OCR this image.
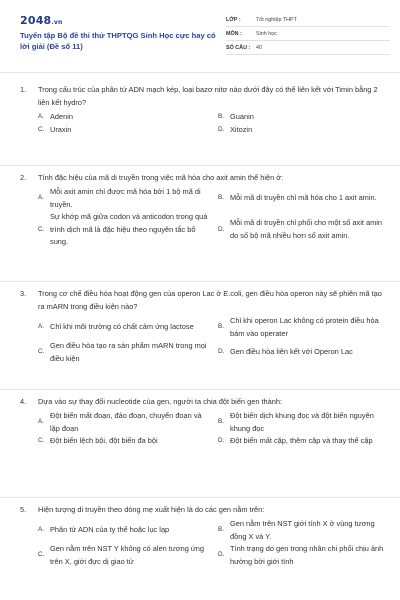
2048.vn
Tuyển tập Bộ đề thi thử THPTQG Sinh Học cực hay có lời giải (Đề số 11)
LỚP :	Tốt nghiệp THPT
MÔN :	Sinh học
SỐ CÂU :	40
1.	Trong cấu trúc của phân tử ADN mạch kép, loại bazơ nitơ nào dưới đây có thể liên kết với Timin bằng 2 liên kết hydro?
A. Adenin	B. Guanin
C. Uraxin	D. Xitozin
2.	Tính đặc hiệu của mã di truyền trong việc mã hóa cho axit amin thể hiện ở:
A.
Mỗi axit amin chỉ được mã hóa bởi 1 bộ mã di truyền.
B. Mỗi mã di truyền chỉ mã hóa cho 1 axit amin.
C.
Sự khớp mã giữa codon và anticodon trong quá trình dịch mã là đặc hiệu theo nguyên tắc bổ sung.
D.
Mỗi mã di truyền chỉ phối cho một số axit amin do số bộ mã nhiều hơn số axit amin.
3.	Trong cơ chế điều hòa hoạt động gen của operon Lac ở E.coli, gen điều hòa operon này sẽ phiên mã tạo ra mARN trong điều kiện nào?
A. Chỉ khi môi trường có chất cảm ứng lactose	B.
Chỉ khi operon Lac không có protein điều hòa bám vào operater
C.
Gen điều hòa tạo ra sản phẩm mARN trong mọi điều kiện
D. Gen điều hòa liên kết với Operon Lac
4.	Dựa vào sự thay đổi nucleotide của gen, người ta chia đột biến gen thành:
A.
Đột biến mất đoạn, đảo đoạn, chuyển đoạn và lặp đoạn
B.
Đột biến dịch khung đọc và đột biến nguyên khung đọc
C. Đột biến lệch bội, đột biến đa bội	D. Đột biến mất cặp, thêm cặp và thay thế cặp
5.	Hiện tượng di truyền theo dòng mẹ xuất hiện là do các gen nằm trên:
A. Phân tử ADN của ty thể hoặc lục lạp	B.
Gen nằm trên NST giới tính X ở vùng tương đồng X và Y.
C.
Gen nằm trên NST Y không có alen tương ứng trên X, giới đực dị giao tử
D.
Tính trạng do gen trong nhân chi phối chịu ảnh hưởng bởi giới tính
